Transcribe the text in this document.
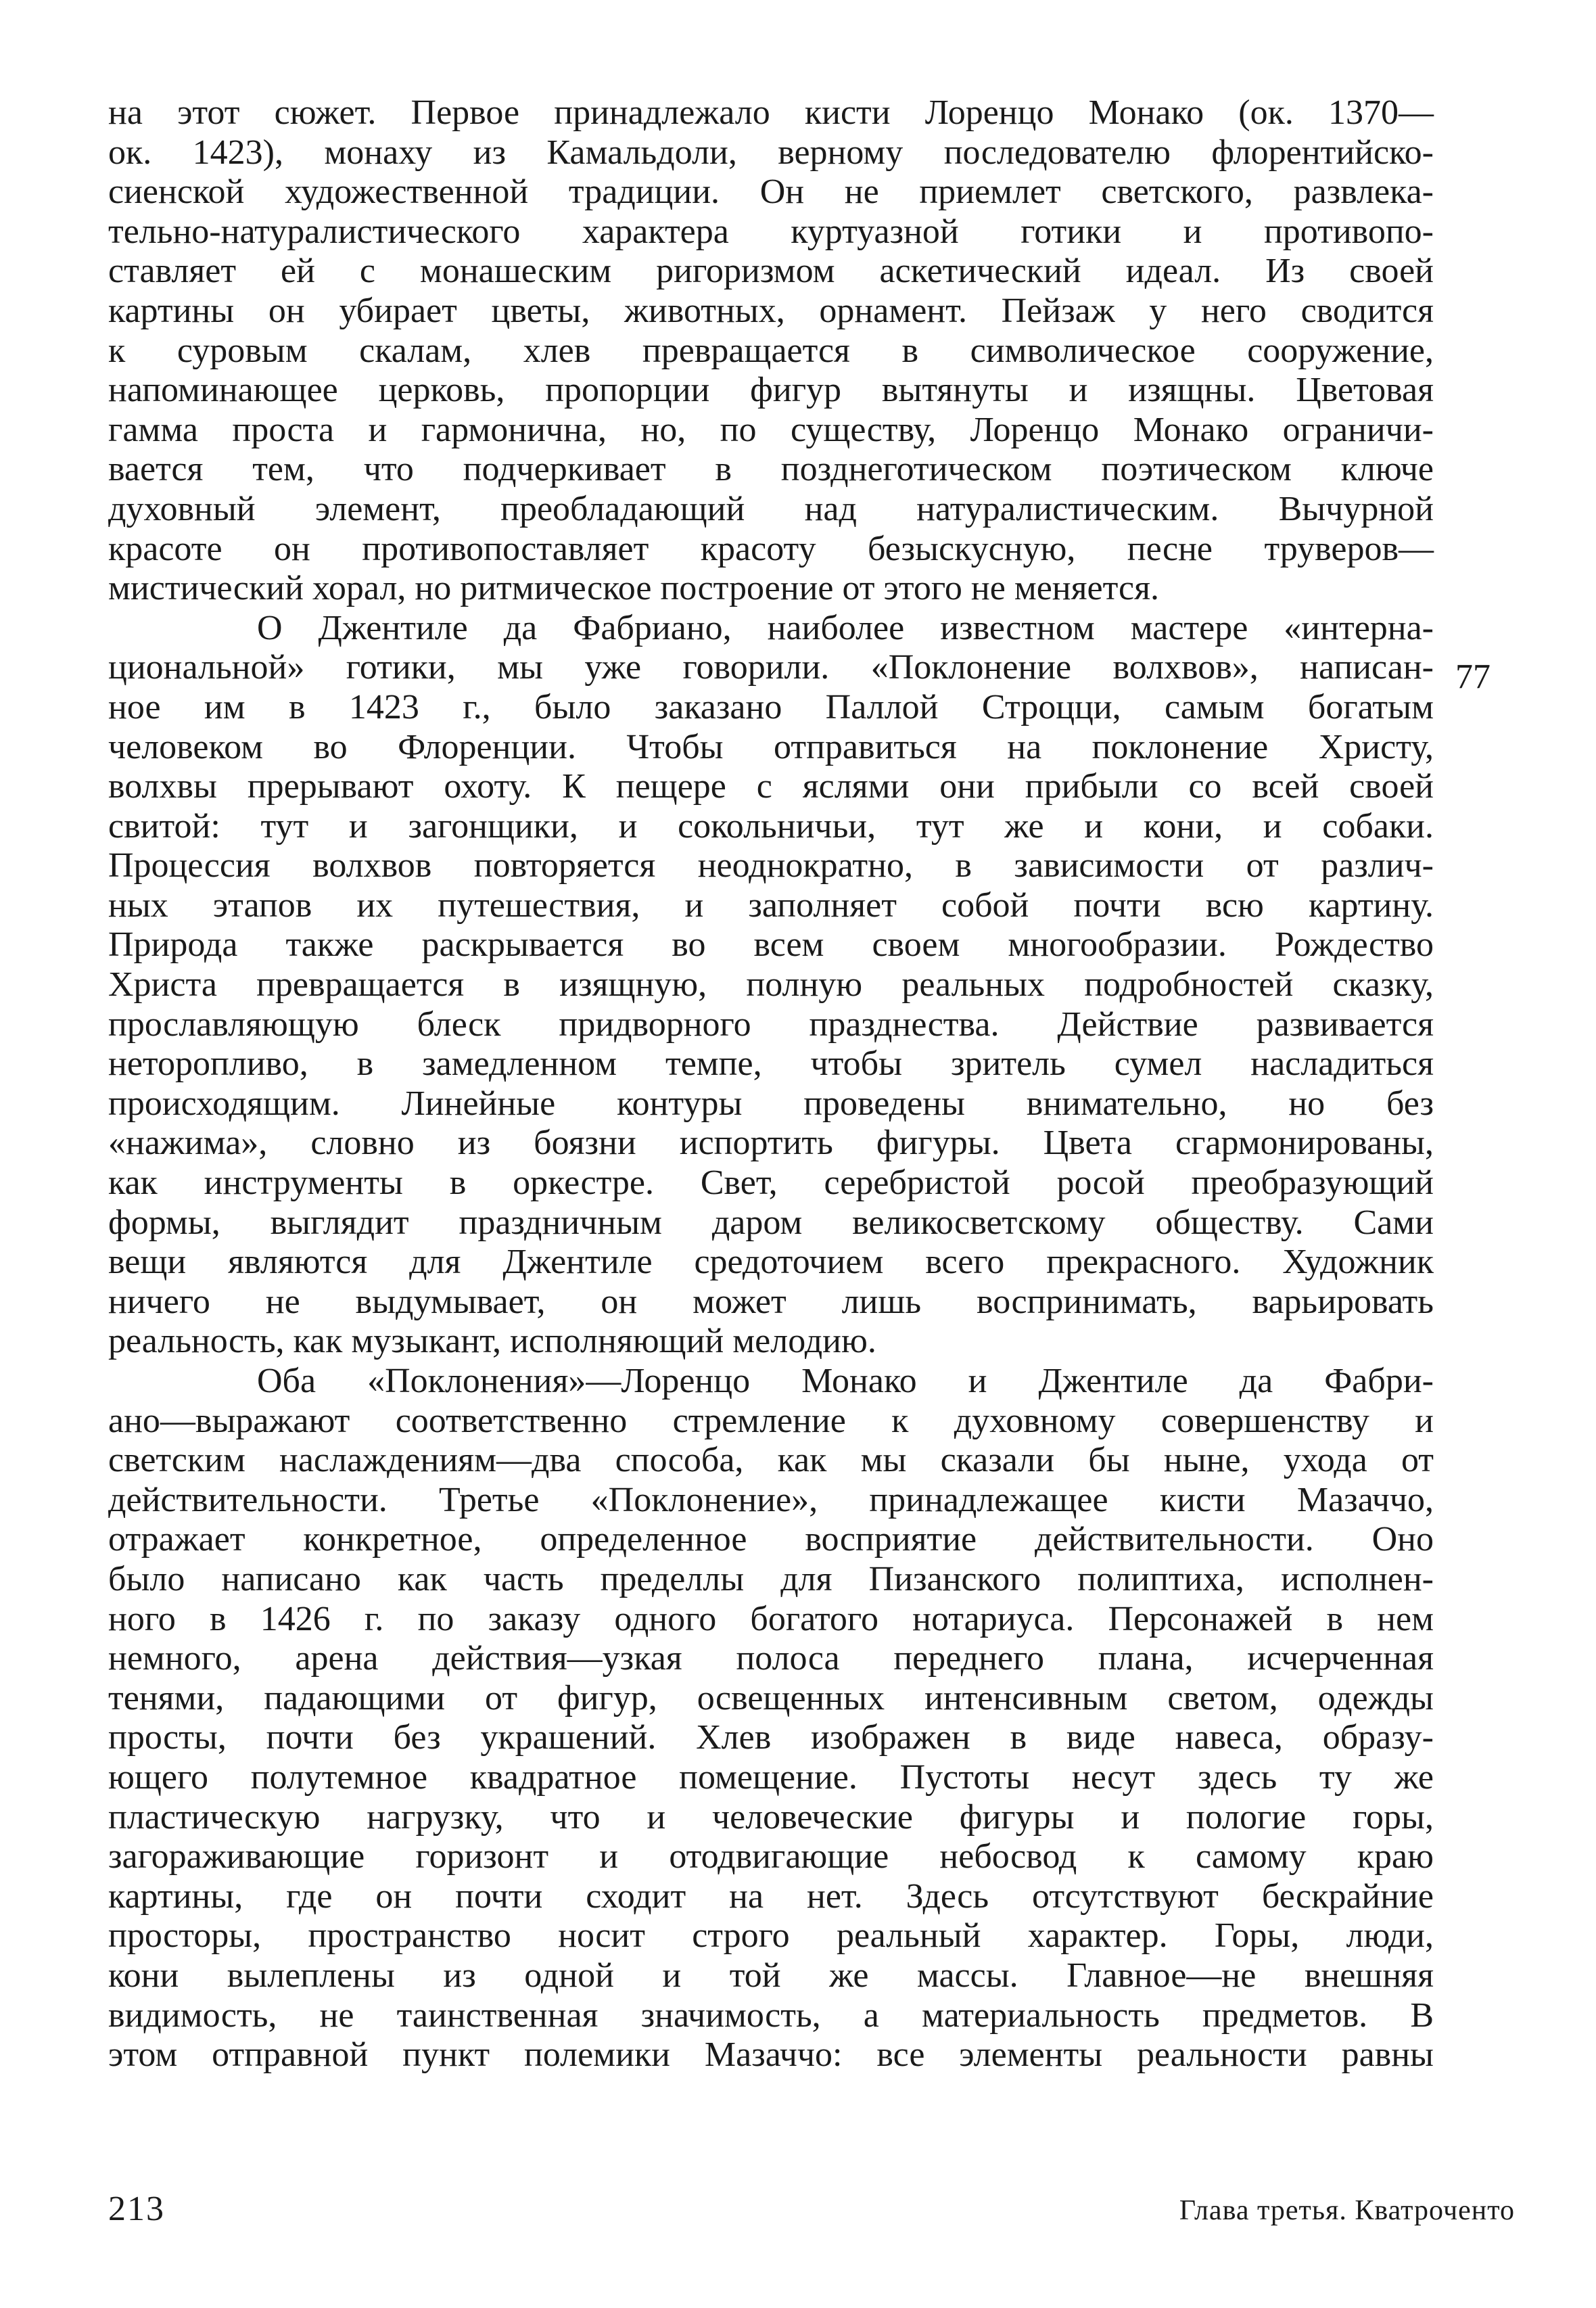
на этот сюжет. Первое принадлежало кисти Лоренцо Монако (ок. 1370—
ок. 1423), монаху из Камальдоли, верному последователю флорентийско-
сиенской художественной традиции. Он не приемлет светского, развлека-
тельно-натуралистического характера куртуазной готики и противопо-
ставляет ей с монашеским ригоризмом аскетический идеал. Из своей
картины он убирает цветы, животных, орнамент. Пейзаж у него сводится
к суровым скалам, хлев превращается в символическое сооружение,
напоминающее церковь, пропорции фигур вытянуты и изящны. Цветовая
гамма проста и гармонична, но, по существу, Лоренцо Монако ограничи-
вается тем, что подчеркивает в позднеготическом поэтическом ключе
духовный элемент, преобладающий над натуралистическим. Вычурной
красоте он противопоставляет красоту безыскусную, песне труверов—
мистический хорал, но ритмическое построение от этого не меняется.
О Джентиле да Фабриано, наиболее известном мастере «интерна-
циональной» готики, мы уже говорили. «Поклонение волхвов», написан-
ное им в 1423 г., было заказано Паллой Строцци, самым богатым
человеком во Флоренции. Чтобы отправиться на поклонение Христу,
волхвы прерывают охоту. К пещере с яслями они прибыли со всей своей
свитой: тут и загонщики, и сокольничьи, тут же и кони, и собаки.
Процессия волхвов повторяется неоднократно, в зависимости от различ-
ных этапов их путешествия, и заполняет собой почти всю картину.
Природа также раскрывается во всем своем многообразии. Рождество
Христа превращается в изящную, полную реальных подробностей сказку,
прославляющую блеск придворного празднества. Действие развивается
неторопливо, в замедленном темпе, чтобы зритель сумел насладиться
происходящим. Линейные контуры проведены внимательно, но без
«нажима», словно из боязни испортить фигуры. Цвета сгармонированы,
как инструменты в оркестре. Свет, серебристой росой преобразующий
формы, выглядит праздничным даром великосветскому обществу. Сами
вещи являются для Джентиле средоточием всего прекрасного. Художник
ничего не выдумывает, он может лишь воспринимать, варьировать
реальность, как музыкант, исполняющий мелодию.
Оба «Поклонения»—Лоренцо Монако и Джентиле да Фабри-
ано—выражают соответственно стремление к духовному совершенству и
светским наслаждениям—два способа, как мы сказали бы ныне, ухода от
действительности. Третье «Поклонение», принадлежащее кисти Мазаччо,
отражает конкретное, определенное восприятие действительности. Оно
было написано как часть пределлы для Пизанского полиптиха, исполнен-
ного в 1426 г. по заказу одного богатого нотариуса. Персонажей в нем
немного, арена действия—узкая полоса переднего плана, исчерченная
тенями, падающими от фигур, освещенных интенсивным светом, одежды
просты, почти без украшений. Хлев изображен в виде навеса, образу-
ющего полутемное квадратное помещение. Пустоты несут здесь ту же
пластическую нагрузку, что и человеческие фигуры и пологие горы,
загораживающие горизонт и отодвигающие небосвод к самому краю
картины, где он почти сходит на нет. Здесь отсутствуют бескрайние
просторы, пространство носит строго реальный характер. Горы, люди,
кони вылеплены из одной и той же массы. Главное—не внешняя
видимость, не таинственная значимость, а материальность предметов. В
этом отправной пункт полемики Мазаччо: все элементы реальности равны
77
213	Глава третья. Кватроченто
